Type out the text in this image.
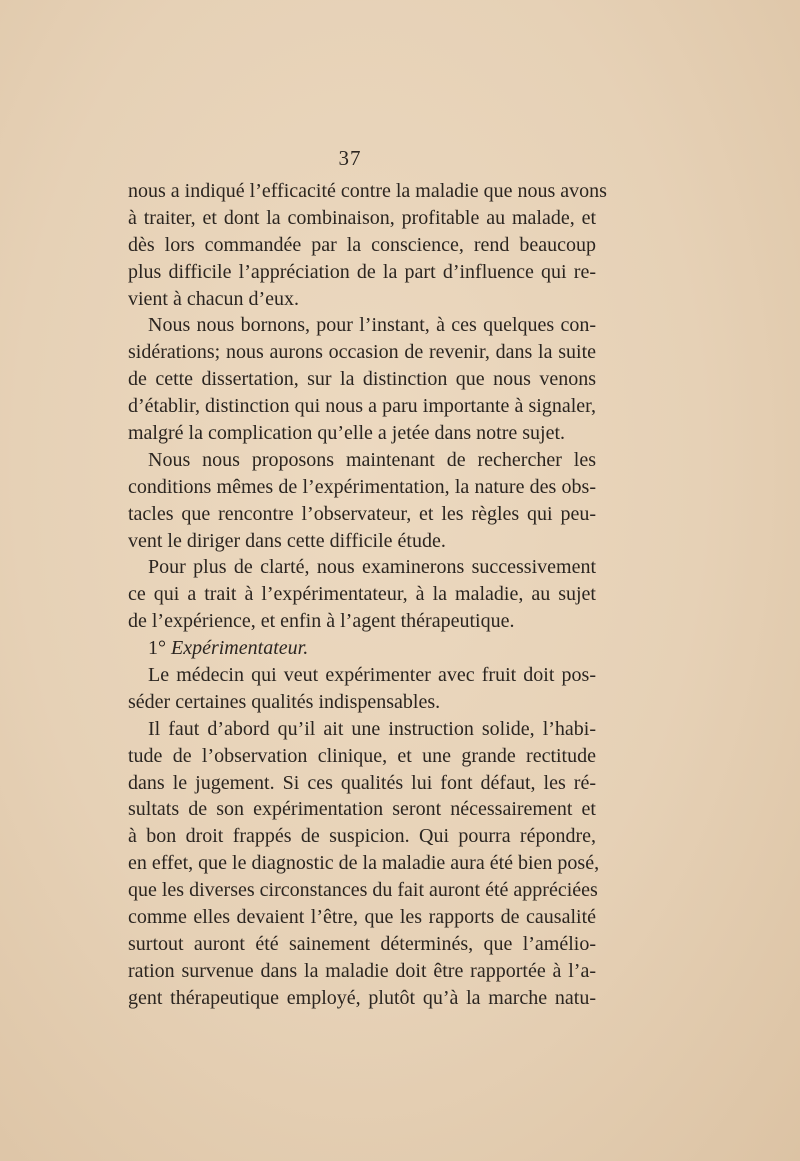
37
nous a indiqué l’efficacité contre la maladie que nous avons
à traiter, et dont la combinaison, profitable au malade, et
dès lors commandée par la conscience, rend beaucoup
plus difficile l’appréciation de la part d’influence qui re-
vient à chacun d’eux.
Nous nous bornons, pour l’instant, à ces quelques con-
sidérations; nous aurons occasion de revenir, dans la suite
de cette dissertation, sur la distinction que nous venons
d’établir, distinction qui nous a paru importante à signaler,
malgré la complication qu’elle a jetée dans notre sujet.
Nous nous proposons maintenant de rechercher les
conditions mêmes de l’expérimentation, la nature des obs-
tacles que rencontre l’observateur, et les règles qui peu-
vent le diriger dans cette difficile étude.
Pour plus de clarté, nous examinerons successivement
ce qui a trait à l’expérimentateur, à la maladie, au sujet
de l’expérience, et enfin à l’agent thérapeutique.
1° Expérimentateur.
Le médecin qui veut expérimenter avec fruit doit pos-
séder certaines qualités indispensables.
Il faut d’abord qu’il ait une instruction solide, l’habi-
tude de l’observation clinique, et une grande rectitude
dans le jugement. Si ces qualités lui font défaut, les ré-
sultats de son expérimentation seront nécessairement et
à bon droit frappés de suspicion. Qui pourra répondre,
en effet, que le diagnostic de la maladie aura été bien posé,
que les diverses circonstances du fait auront été appréciées
comme elles devaient l’être, que les rapports de causalité
surtout auront été sainement déterminés, que l’amélio-
ration survenue dans la maladie doit être rapportée à l’a-
gent thérapeutique employé, plutôt qu’à la marche natu-
